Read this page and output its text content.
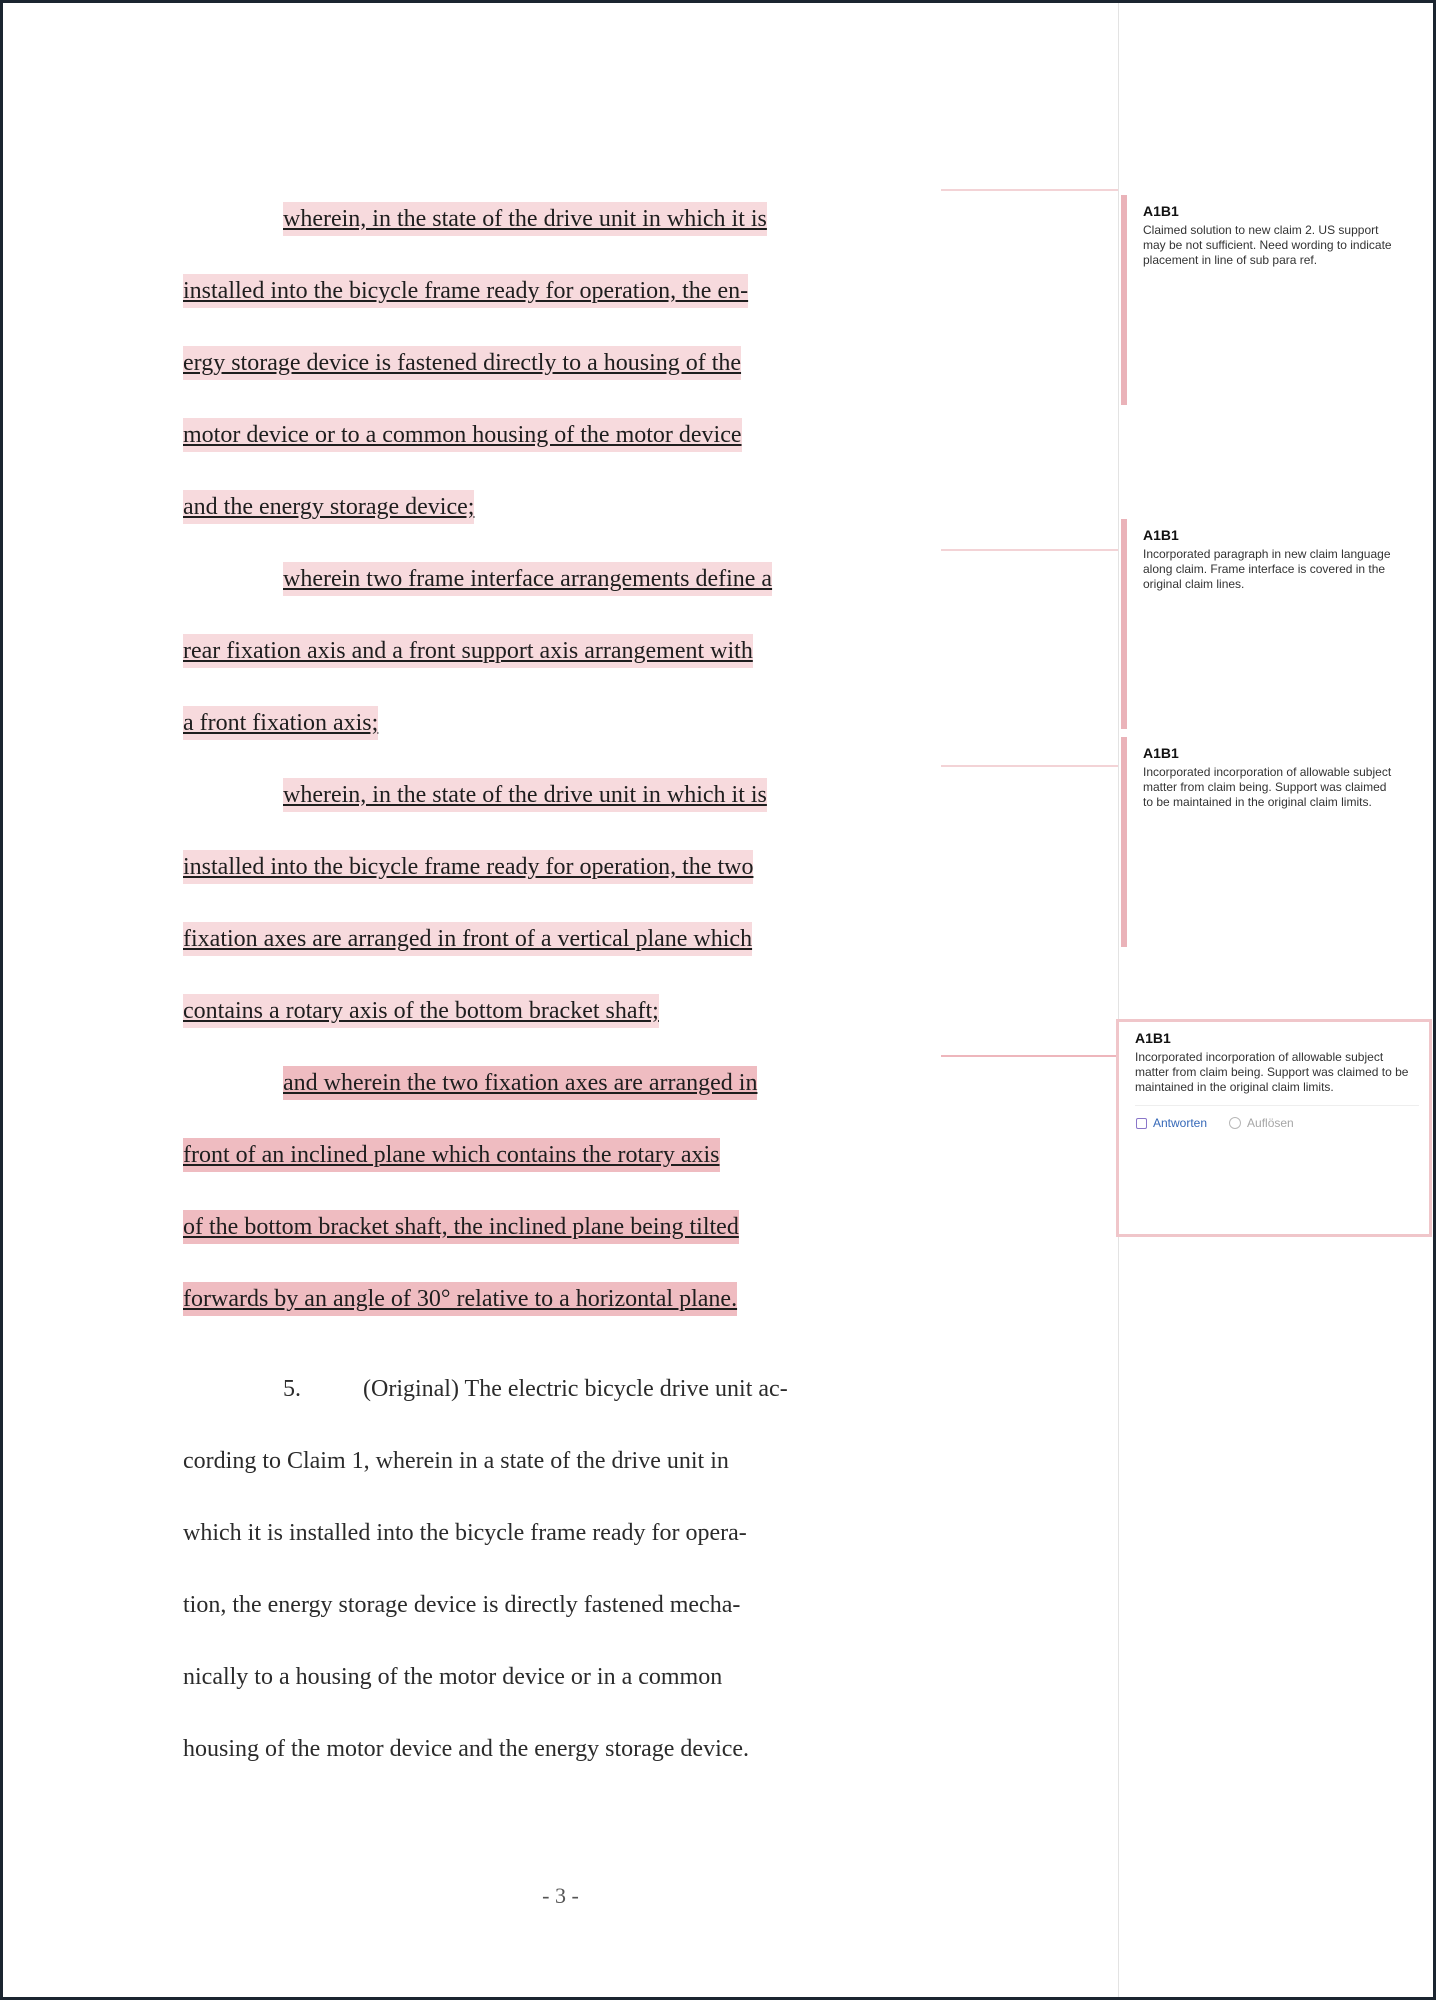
wherein, in the state of the drive unit in which it is
installed into the bicycle frame ready for operation, the en-
ergy storage device is fastened directly to a housing of the
motor device or to a common housing of the motor device
and the energy storage device;
wherein two frame interface arrangements define a
rear fixation axis and a front support axis arrangement with
a front fixation axis;
wherein, in the state of the drive unit in which it is
installed into the bicycle frame ready for operation, the two
fixation axes are arranged in front of a vertical plane which
contains a rotary axis of the bottom bracket shaft;
and wherein the two fixation axes are arranged in
front of an inclined plane which contains the rotary axis
of the bottom bracket shaft, the inclined plane being tilted
forwards by an angle of 30° relative to a horizontal plane.
5.	(Original) The electric bicycle drive unit ac-
cording to Claim 1, wherein in a state of the drive unit in
which it is installed into the bicycle frame ready for opera-
tion, the energy storage device is directly fastened mecha-
nically to a housing of the motor device or in a common
housing of the motor device and the energy storage device.
- 3 -
A1B1
Claimed solution to new claim 2. US support may be not sufficient. Need wording to indicate placement in line of sub para ref.
A1B1
Incorporated paragraph in new claim language along claim. Frame interface is covered in the original claim lines.
A1B1
Incorporated incorporation of allowable subject matter from claim being. Support was claimed to be maintained in the original claim limits.
A1B1
Incorporated incorporation of allowable subject matter from claim being. Support was claimed to be maintained in the original claim limits.
Antworten	Auflösen
